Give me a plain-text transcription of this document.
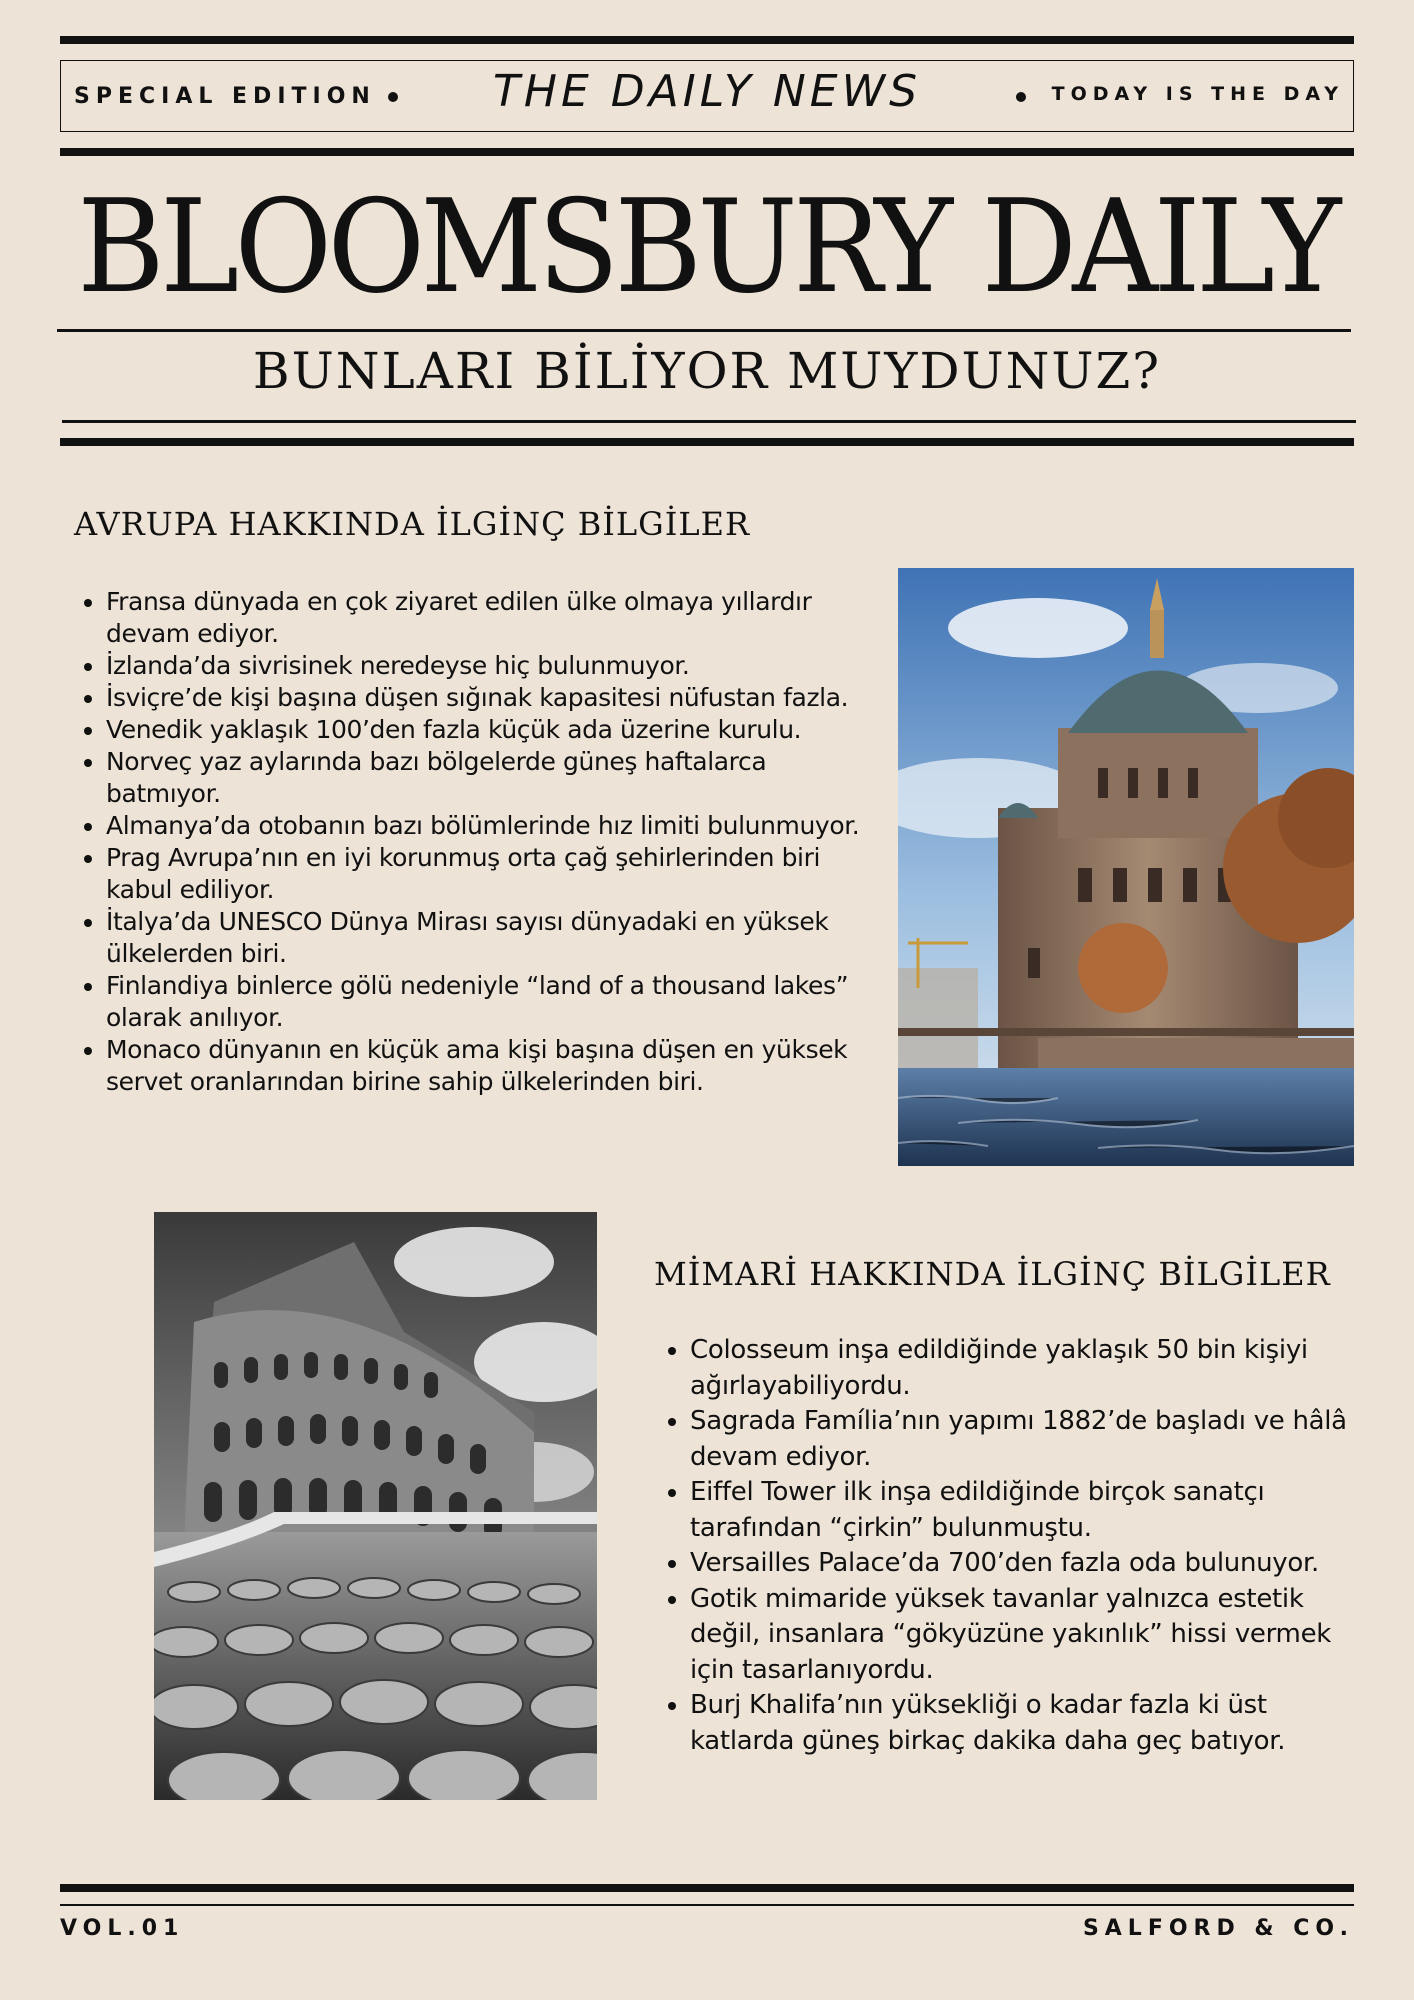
SPECIAL EDITION	THE DAILY NEWS	TODAY IS THE DAY
BLOOMSBURY DAILY
BUNLARI BİLİYOR MUYDUNUZ?
AVRUPA HAKKINDA İLGİNÇ BİLGİLER
• Fransa dünyada en çok ziyaret edilen ülke olmaya yıllardır devam ediyor.
• İzlanda’da sivrisinek neredeyse hiç bulunmuyor.
• İsviçre’de kişi başına düşen sığınak kapasitesi nüfustan fazla.
• Venedik yaklaşık 100’den fazla küçük ada üzerine kurulu.
• Norveç yaz aylarında bazı bölgelerde güneş haftalarca batmıyor.
• Almanya’da otobanın bazı bölümlerinde hız limiti bulunmuyor.
• Prag Avrupa’nın en iyi korunmuş orta çağ şehirlerinden biri kabul ediliyor.
• İtalya’da UNESCO Dünya Mirası sayısı dünyadaki en yüksek ülkelerden biri.
• Finlandiya binlerce gölü nedeniyle “land of a thousand lakes” olarak anılıyor.
• Monaco dünyanın en küçük ama kişi başına düşen en yüksek servet oranlarından birine sahip ülkelerinden biri.
MİMARİ HAKKINDA İLGİNÇ BİLGİLER
• Colosseum inşa edildiğinde yaklaşık 50 bin kişiyi ağırlayabiliyordu.
• Sagrada Família’nın yapımı 1882’de başladı ve hâlâ devam ediyor.
• Eiffel Tower ilk inşa edildiğinde birçok sanatçı tarafından “çirkin” bulunmuştu.
• Versailles Palace’da 700’den fazla oda bulunuyor.
• Gotik mimaride yüksek tavanlar yalnızca estetik değil, insanlara “gökyüzüne yakınlık” hissi vermek için tasarlanıyordu.
• Burj Khalifa’nın yüksekliği o kadar fazla ki üst katlarda güneş birkaç dakika daha geç batıyor.
VOL.01	SALFORD & CO.
